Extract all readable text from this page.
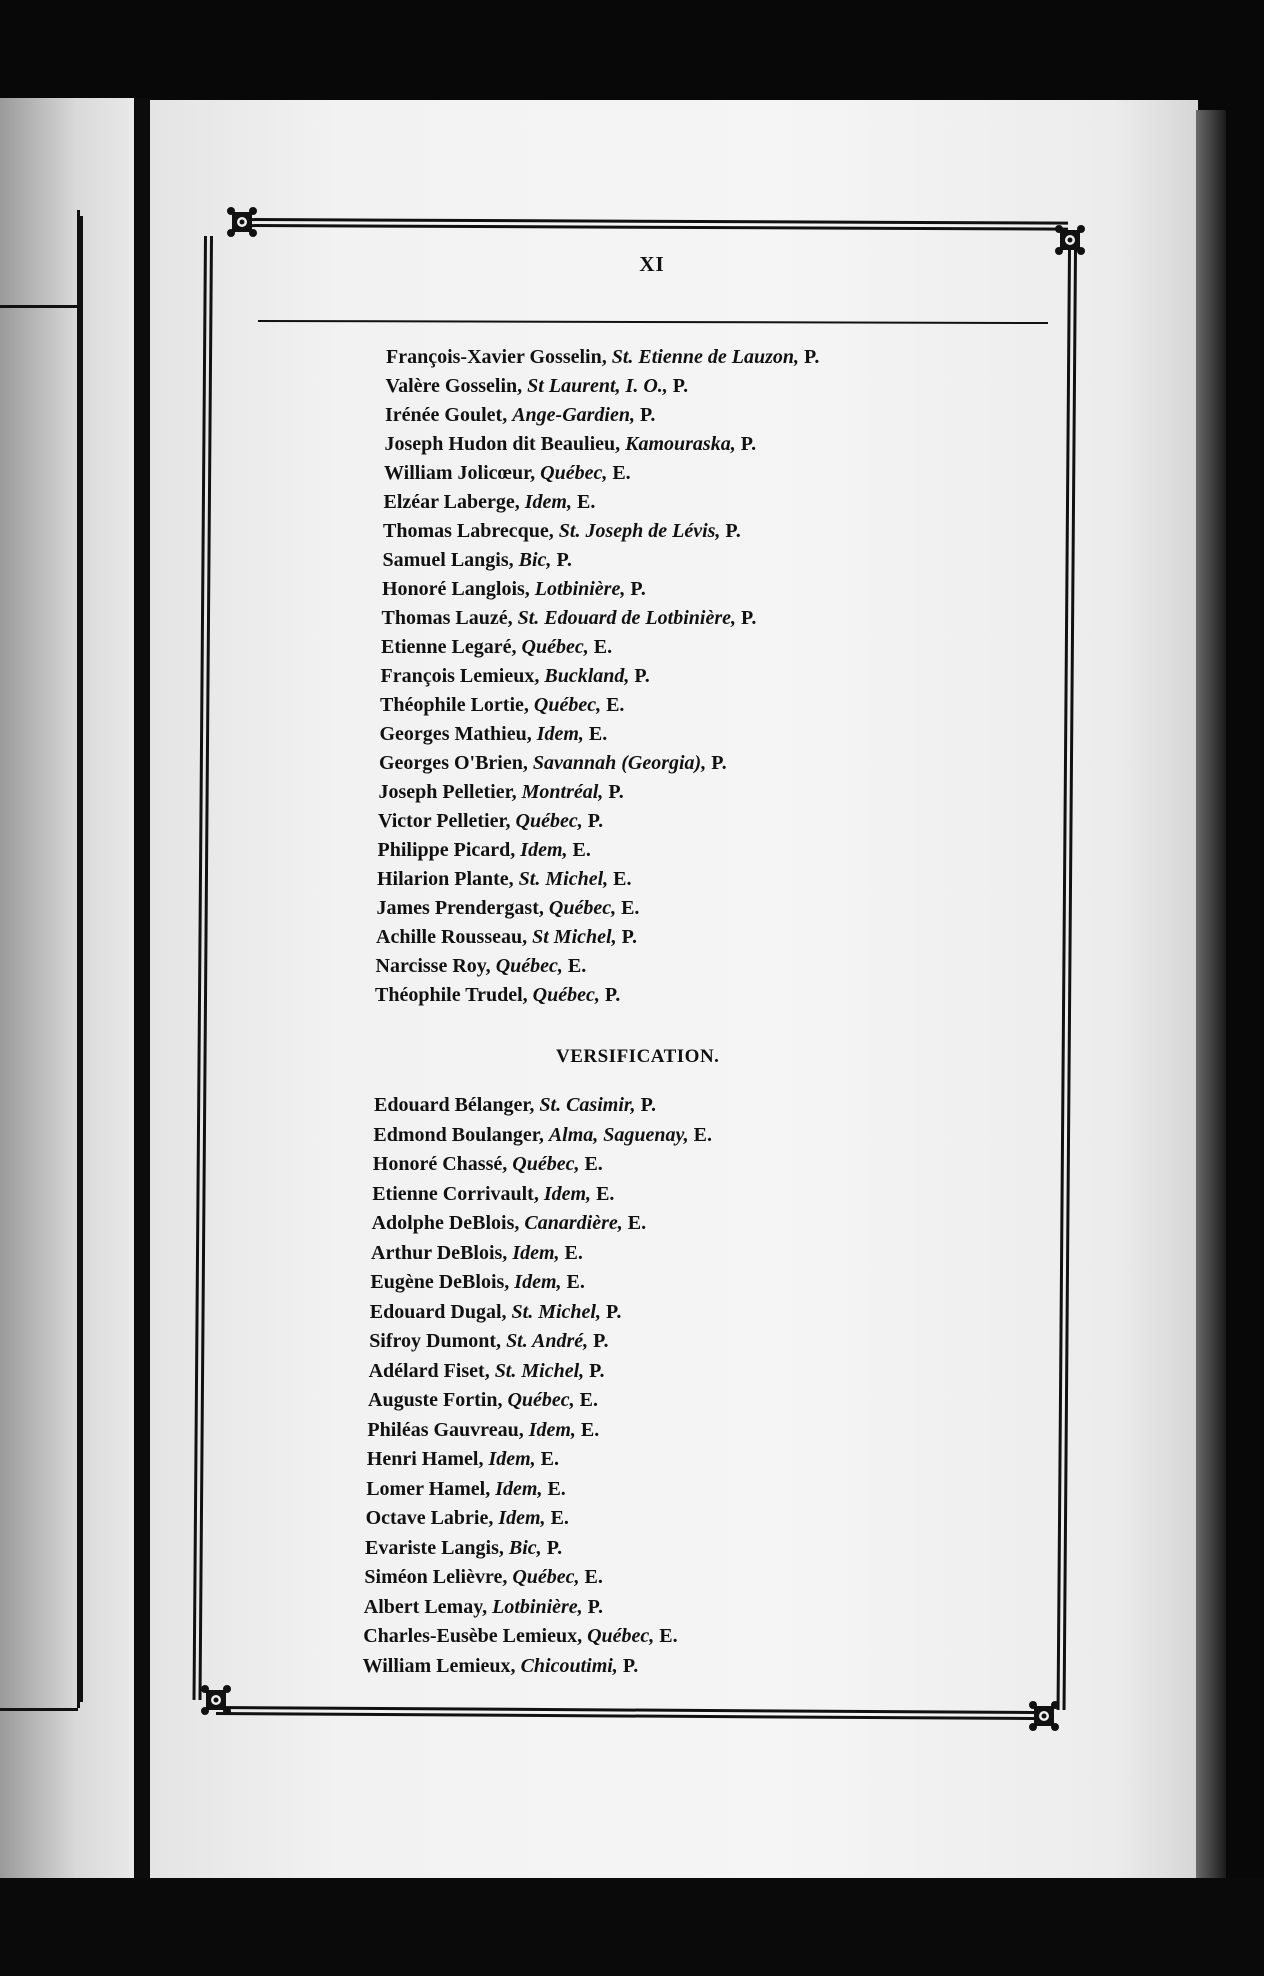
XI
François-Xavier Gosselin, St. Etienne de Lauzon, P.
Valère Gosselin, St Laurent, I. O., P.
Irénée Goulet, Ange-Gardien, P.
Joseph Hudon dit Beaulieu, Kamouraska, P.
William Jolicœur, Québec, E.
Elzéar Laberge, Idem, E.
Thomas Labrecque, St. Joseph de Lévis, P.
Samuel Langis, Bic, P.
Honoré Langlois, Lotbinière, P.
Thomas Lauzé, St. Edouard de Lotbinière, P.
Etienne Legaré, Québec, E.
François Lemieux, Buckland, P.
Théophile Lortie, Québec, E.
Georges Mathieu, Idem, E.
Georges O'Brien, Savannah (Georgia), P.
Joseph Pelletier, Montréal, P.
Victor Pelletier, Québec, P.
Philippe Picard, Idem, E.
Hilarion Plante, St. Michel, E.
James Prendergast, Québec, E.
Achille Rousseau, St Michel, P.
Narcisse Roy, Québec, E.
Théophile Trudel, Québec, P.
VERSIFICATION.
Edouard Bélanger, St. Casimir, P.
Edmond Boulanger, Alma, Saguenay, E.
Honoré Chassé, Québec, E.
Etienne Corrivault, Idem, E.
Adolphe DeBlois, Canardière, E.
Arthur DeBlois, Idem, E.
Eugène DeBlois, Idem, E.
Edouard Dugal, St. Michel, P.
Sifroy Dumont, St. André, P.
Adélard Fiset, St. Michel, P.
Auguste Fortin, Québec, E.
Philéas Gauvreau, Idem, E.
Henri Hamel, Idem, E.
Lomer Hamel, Idem, E.
Octave Labrie, Idem, E.
Evariste Langis, Bic, P.
Siméon Lelièvre, Québec, E.
Albert Lemay, Lotbinière, P.
Charles-Eusèbe Lemieux, Québec, E.
William Lemieux, Chicoutimi, P.
